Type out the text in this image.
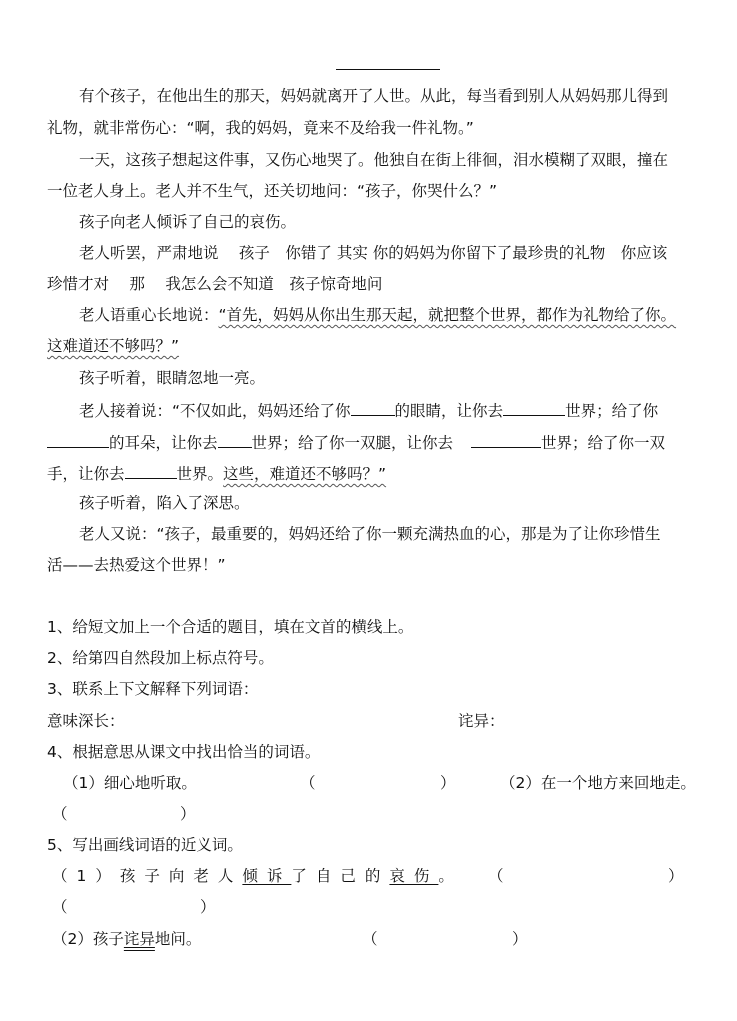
有个孩子，在他出生的那天，妈妈就离开了人世。从此，每当看到别人从妈妈那儿得到
礼物，就非常伤心：“啊，我的妈妈，竟来不及给我一件礼物。”
一天，这孩子想起这件事，又伤心地哭了。他独自在街上徘徊，泪水模糊了双眼，撞在
一位老人身上。老人并不生气，还关切地问：“孩子，你哭什么？”
孩子向老人倾诉了自己的哀伤。
老人听罢，严肃地说　 孩子　你错了 其实 你的妈妈为你留下了最珍贵的礼物　你应该
珍惜才对　 那　 我怎么会不知道　孩子惊奇地问
老人语重心长地说：“首先，妈妈从你出生那天起，就把整个世界，都作为礼物给了你。
这难道还不够吗？”
孩子听着，眼睛忽地一亮。
老人接着说：“不仅如此，妈妈还给了你	的眼睛，让你去	世界；给了你
的耳朵，让你去 世界；给了你一双腿，让你去	世界；给了你一双
手，让你去	世界。这些，难道还不够吗？”
孩子听着，陷入了深思。
老人又说：“孩子，最重要的，妈妈还给了你一颗充满热血的心，那是为了让你珍惜生
活——去热爱这个世界！”
1、给短文加上一个合适的题目，填在文首的横线上。
2、给第四自然段加上标点符号。
3、联系上下文解释下列词语：
意味深长：	诧异：
4、根据意思从课文中找出恰当的词语。
（1）细心地听取。	（	）	（2）在一个地方来回地走。
（	）
5、写出画线词语的近义词。
（1）孩子向老人倾诉了自己的哀伤。 （	）
（	）
（2）孩子诧异地问。	（	）
